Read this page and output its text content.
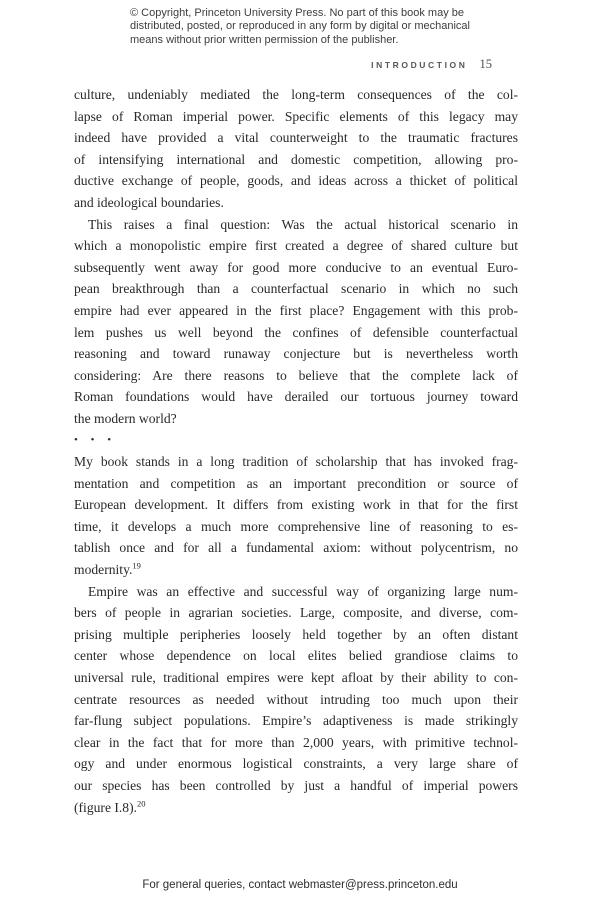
© Copyright, Princeton University Press. No part of this book may be
distributed, posted, or reproduced in any form by digital or mechanical
means without prior written permission of the publisher.
INTRODUCTION 15
culture, undeniably mediated the long-term consequences of the col-
lapse of Roman imperial power. Specific elements of this legacy may
indeed have provided a vital counterweight to the traumatic fractures
of intensifying international and domestic competition, allowing pro-
ductive exchange of people, goods, and ideas across a thicket of political
and ideological boundaries.
This raises a final question: Was the actual historical scenario in
which a monopolistic empire first created a degree of shared culture but
subsequently went away for good more conducive to an eventual Euro-
pean breakthrough than a counterfactual scenario in which no such
empire had ever appeared in the first place? Engagement with this prob-
lem pushes us well beyond the confines of defensible counterfactual
reasoning and toward runaway conjecture but is nevertheless worth
considering: Are there reasons to believe that the complete lack of
Roman foundations would have derailed our tortuous journey toward
the modern world?
• • •
My book stands in a long tradition of scholarship that has invoked frag-
mentation and competition as an important precondition or source of
European development. It differs from existing work in that for the first
time, it develops a much more comprehensive line of reasoning to es-
tablish once and for all a fundamental axiom: without polycentrism, no
modernity.$^{19}$
Empire was an effective and successful way of organizing large num-
bers of people in agrarian societies. Large, composite, and diverse, com-
prising multiple peripheries loosely held together by an often distant
center whose dependence on local elites belied grandiose claims to
universal rule, traditional empires were kept afloat by their ability to con-
centrate resources as needed without intruding too much upon their
far-flung subject populations. Empire’s adaptiveness is made strikingly
clear in the fact that for more than 2,000 years, with primitive technol-
ogy and under enormous logistical constraints, a very large share of
our species has been controlled by just a handful of imperial powers
(figure I.8).$^{20}$
For general queries, contact webmaster@press.princeton.edu
